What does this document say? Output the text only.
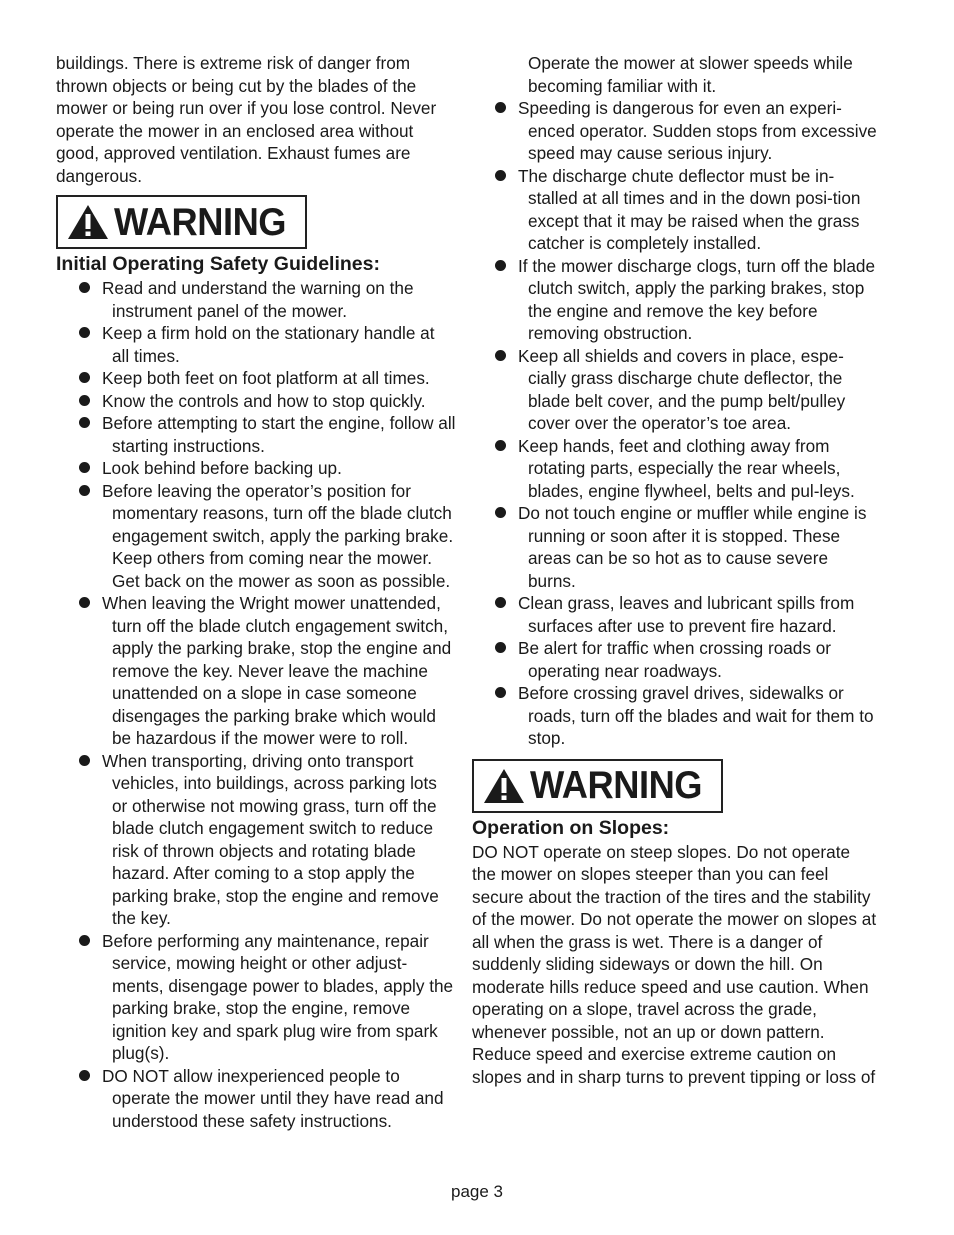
buildings. There is extreme risk of danger from thrown objects or being cut by the blades of the mower or being run over if you lose control. Never operate the mower in an enclosed area without good, approved ventilation. Exhaust fumes are dangerous.

WARNING
Initial Operating Safety Guidelines:
Read and understand the warning on the instrument panel of the mower.
Keep a firm hold on the stationary handle at all times.
Keep both feet on foot platform at all times.
Know the controls and how to stop quickly.
Before attempting to start the engine, follow all starting instructions.
Look behind before backing up.
Before leaving the operator’s position for momentary reasons, turn off the blade clutch engagement switch, apply the parking brake. Keep others from coming near the mower. Get back on the mower as soon as possible.
When leaving the Wright mower unattended, turn off the blade clutch engagement switch, apply the parking brake, stop the engine and remove the key. Never leave the machine unattended on a slope in case someone disengages the parking brake which would be hazardous if the mower were to roll.
When transporting, driving onto transport vehicles, into buildings, across parking lots or otherwise not mowing grass, turn off the blade clutch engagement switch to reduce risk of thrown objects and rotating blade hazard. After coming to a stop apply the parking brake, stop the engine and remove the key.
Before performing any maintenance, repair service, mowing height or other adjust-ments, disengage power to blades, apply the parking brake, stop the engine, remove ignition key and spark plug wire from spark plug(s).
DO NOT allow inexperienced people to operate the mower until they have read and understood these safety instructions.

Operate the mower at slower speeds while becoming familiar with it.

Speeding is dangerous for even an experi-enced operator. Sudden stops from excessive speed may cause serious injury.
The discharge chute deflector must be in-stalled at all times and in the down posi-tion except that it may be raised when the grass catcher is completely installed.
If the mower discharge clogs, turn off the blade clutch switch, apply the parking brakes, stop the engine and remove the key before removing obstruction.
Keep all shields and covers in place, espe-cially grass discharge chute deflector, the blade belt cover, and the pump belt/pulley cover over the operator’s toe area.
Keep hands, feet and clothing away from rotating parts, especially the rear wheels, blades, engine flywheel, belts and pul-leys.
Do not touch engine or muffler while engine is running or soon after it is stopped. These areas can be so hot as to cause severe burns.
Clean grass, leaves and lubricant spills from surfaces after use to prevent fire hazard.
Be alert for traffic when crossing roads or operating near roadways.
Before crossing gravel drives, sidewalks or roads, turn off the blades and wait for them to stop.
WARNING
Operation on Slopes:

DO NOT operate on steep slopes. Do not operate the mower on slopes steeper than you can feel secure about the traction of the tires and the stability of the mower. Do not operate the mower on slopes at all when the grass is wet. There is a danger of suddenly sliding sideways or down the hill. On moderate hills reduce speed and use caution. When operating on a slope, travel across the grade, whenever possible, not an up or down pattern. Reduce speed and exercise extreme caution on slopes and in sharp turns to prevent tipping or loss of

page 3
